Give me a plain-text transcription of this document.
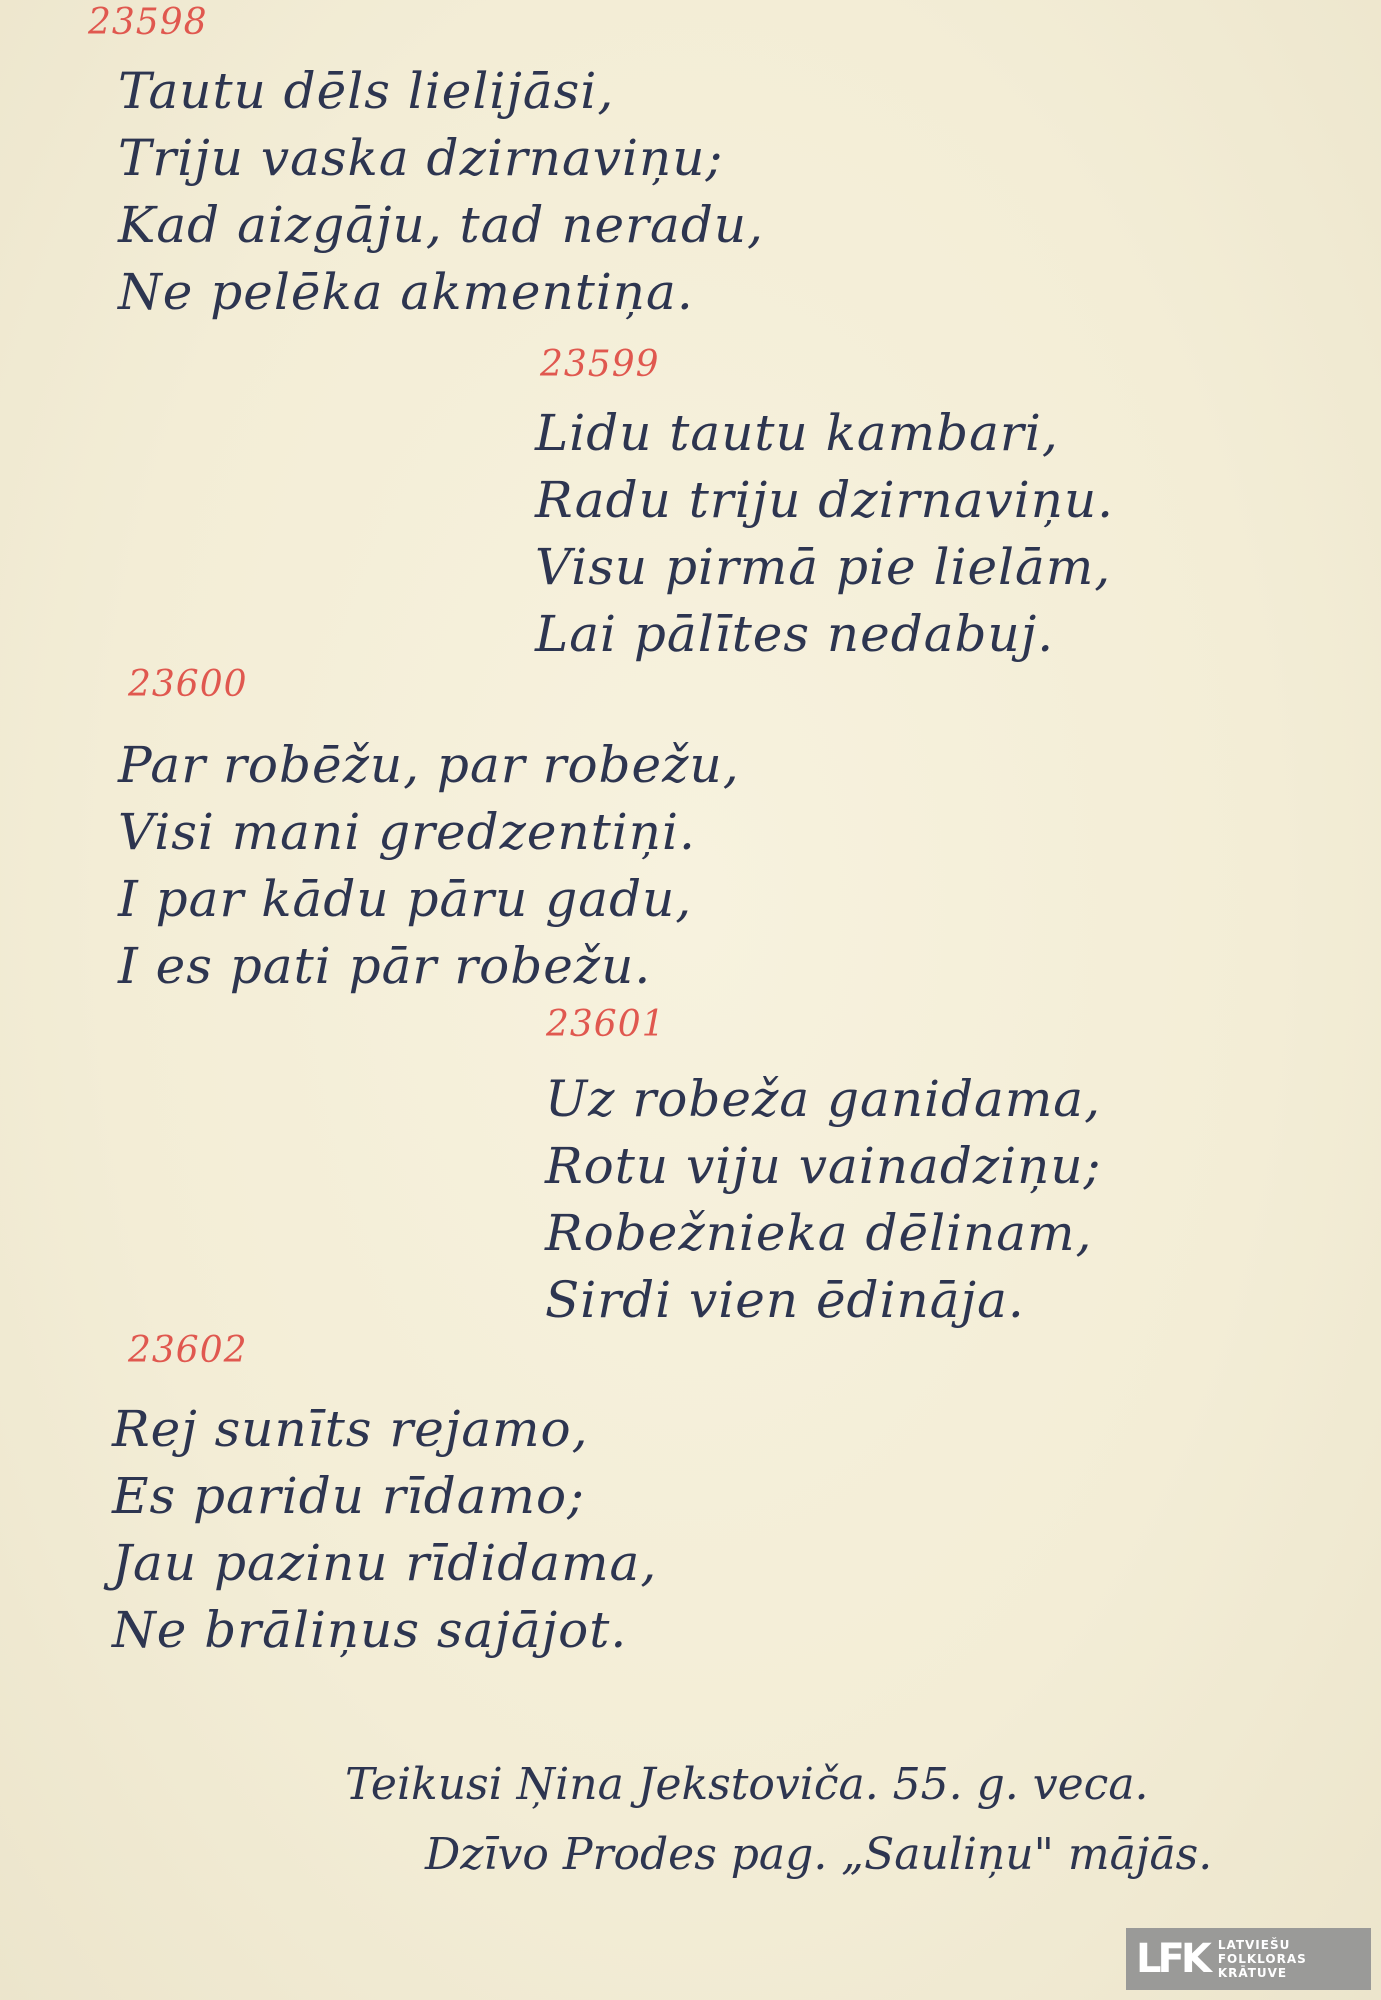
23598
Tautu dēls lielijāsi,
Triju vaska dzirnaviņu;
Kad aizgāju, tad neradu,
Ne pelēka akmentiņa.
23599
Lidu tautu kambari,
Radu triju dzirnaviņu.
Visu pirmā pie lielām,
Lai pālītes nedabuj.
23600
Par robēžu, par robežu,
Visi mani gredzentiņi.
I par kādu pāru gadu,
I es pati pār robežu.
23601
Uz robeža ganidama,
Rotu viju vainadziņu;
Robežnieka dēlinam,
Sirdi vien ēdināja.
23602
Rej sunīts rejamo,
Es paridu rīdamo;
Jau pazinu rīdidama,
Ne brāliņus sajājot.
Teikusi Ņina Jekstoviča. 55. g. veca.
Dzīvo Prodes pag. „Sauliņu" mājās.
LFK LATVIEŠU
FOLKLORAS
KRĀTUVE
